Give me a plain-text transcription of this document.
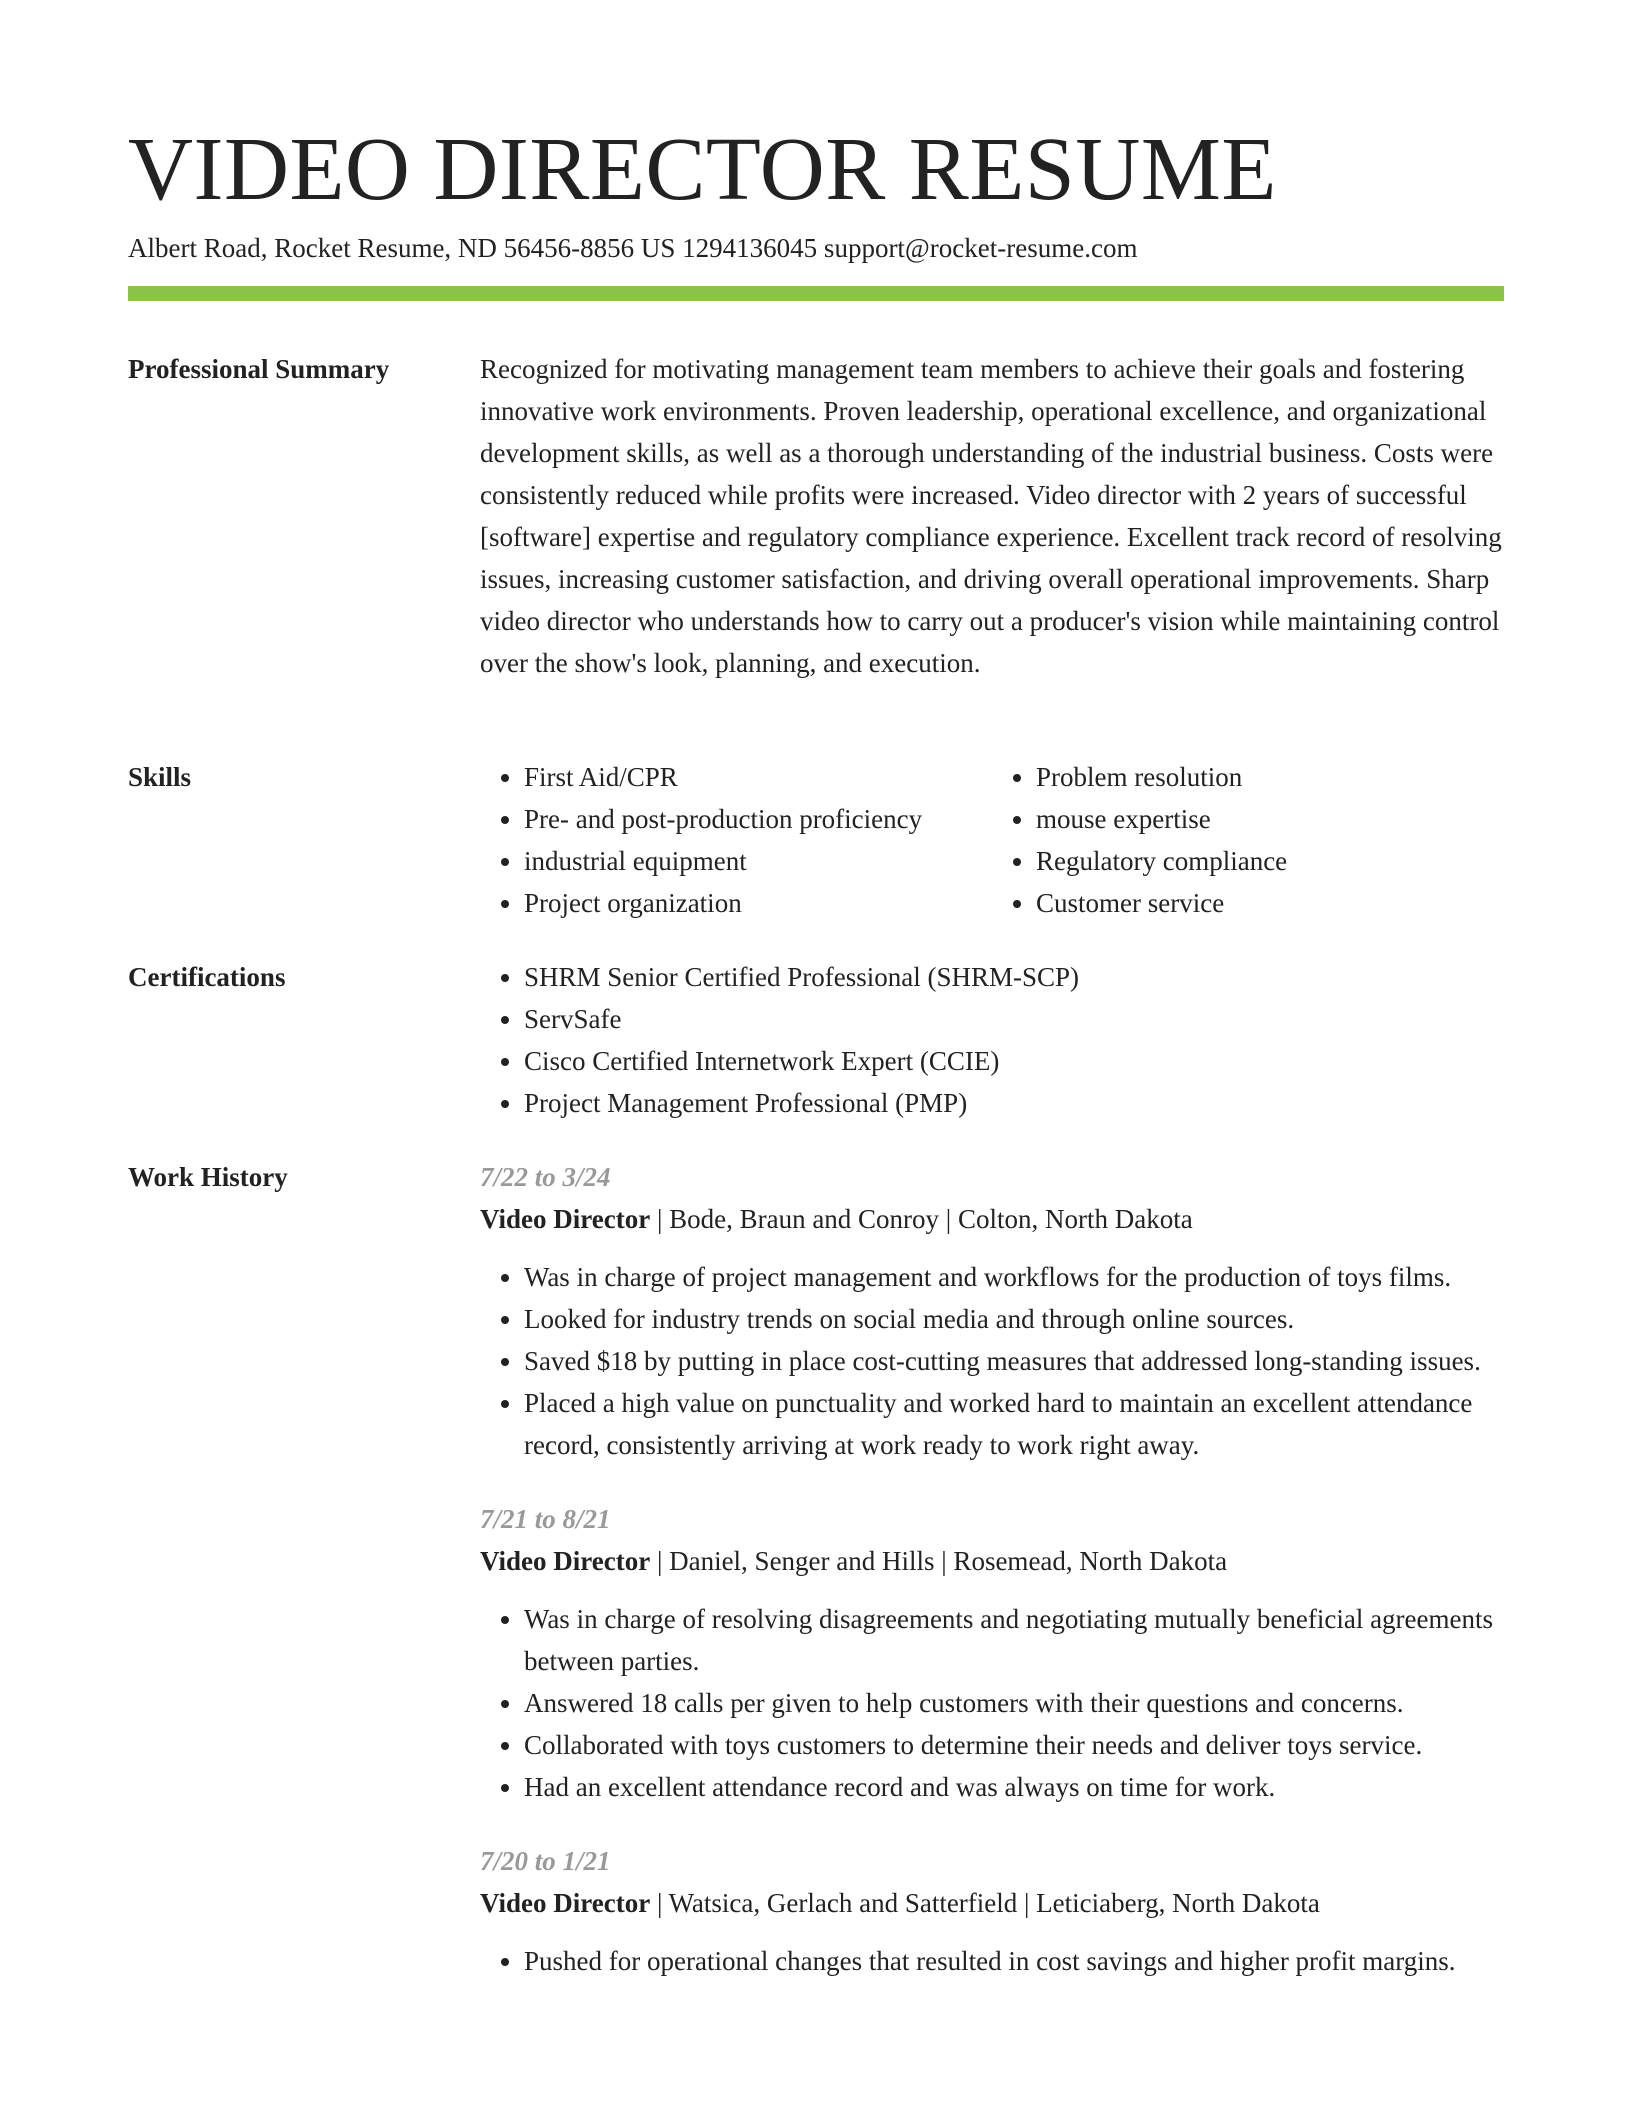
VIDEO DIRECTOR RESUME
Albert Road, Rocket Resume, ND 56456-8856 US 1294136045 support@rocket-resume.com
Professional Summary	Recognized for motivating management team members to achieve their goals and fostering innovative work environments. Proven leadership, operational excellence, and organizational development skills, as well as a thorough understanding of the industrial business. Costs were consistently reduced while profits were increased. Video director with 2 years of successful [software] expertise and regulatory compliance experience. Excellent track record of resolving issues, increasing customer satisfaction, and driving overall operational improvements. Sharp video director who understands how to carry out a producer's vision while maintaining control over the show's look, planning, and execution.

Skills	• First Aid/CPR
• Pre- and post-production proficiency
• industrial equipment
• Project organization
• Problem resolution
• mouse expertise
• Regulatory compliance
• Customer service
Certifications	• SHRM Senior Certified Professional (SHRM-SCP)
• ServSafe
• Cisco Certified Internetwork Expert (CCIE)
• Project Management Professional (PMP)
Work History	7/22 to 3/24

Video Director | Bode, Braun and Conroy | Colton, North Dakota

• Was in charge of project management and workflows for the production of toys films.
• Looked for industry trends on social media and through online sources.
• Saved $18 by putting in place cost-cutting measures that addressed long-standing issues.
• Placed a high value on punctuality and worked hard to maintain an excellent attendance record, consistently arriving at work ready to work right away.
7/21 to 8/21

Video Director | Daniel, Senger and Hills | Rosemead, North Dakota

• Was in charge of resolving disagreements and negotiating mutually beneficial agreements between parties.
• Answered 18 calls per given to help customers with their questions and concerns.
• Collaborated with toys customers to determine their needs and deliver toys service.
• Had an excellent attendance record and was always on time for work.
7/20 to 1/21

Video Director | Watsica, Gerlach and Satterfield | Leticiaberg, North Dakota

• Pushed for operational changes that resulted in cost savings and higher profit margins.
